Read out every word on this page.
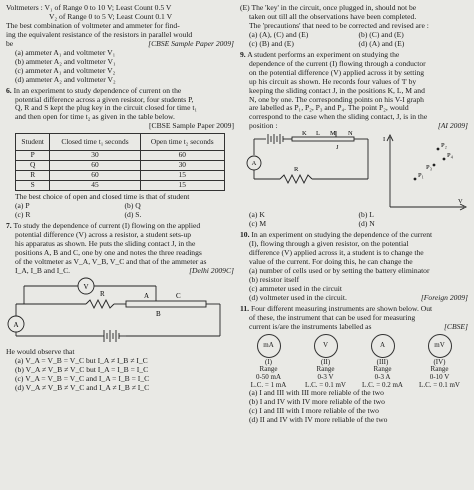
Voltmeters : V₁ of Range 0 to 10 V; Least Count 0.5 V

V₂ of Range 0 to 5 V; Least Count 0.1 V

The best combination of voltmeter and ammeter for find-

ing the equivalent resistance of the resistors in parallel would

be	[CBSE Sample Paper 2009]

(a) ammeter A₁ and voltmeter V₁

(b) ammeter A₂ and voltmeter V₁

(c) ammeter A₁ and voltmeter V₂

(d) ammeter A₂ and voltmeter V₂

6. In an experiment to study dependence of current on the

potential difference across a given resistor, four students P,

Q, R and S kept the plug key in the circuit closed for time t₁

and then open for time t₂ as given in the table below.

[CBSE Sample Paper 2009]

Student	Closed time t₁ seconds	Open time t₂ seconds
P	30	60
Q	60	30
R	60	15
S	45	15

The best choice of open and closed time is that of student

(a) P	(b) Q
(c) R	(d) S.

7. To study the dependence of current (I) flowing on the applied

potential difference (V) across a resistor, a student sets-up

his apparatus as shown. He puts the sliding contact J, in the

positions A, B and C, one by one and notes the three readings

of the voltmeter as V_A, V_B, V_C and that of the ammeter as

I_A, I_B and I_C.	[Delhi 2009C]

V
A
R	A
B
C

He would observe that

(a) V_A = V_B = V_C but I_A ≠ I_B ≠ I_C

(b) V_A ≠ V_B ≠ V_C but I_A = I_B = I_C

(c) V_A = V_B = V_C and I_A = I_B = I_C

(d) V_A ≠ V_B ≠ V_C and I_A ≠ I_B ≠ I_C

(E) The 'key' in the circuit, once plugged in, should not be

taken out till all the observations have been completed.

The 'precautions' that need to be corrected and revised are :

(a) (A), (C) and (E)	(b) (C) and (E)
(c) (B) and (E)	(d) (A) and (E)

9. A student performs an experiment on studying the

dependence of the current (I) flowing through a conductor

on the potential difference (V) applied across it by setting

up his circuit as shown. He records four values of 'I' by

keeping the sliding contact J, in the positions K, L, M and

N, one by one. The corresponding points on his V-I graph

are labelled as P₁, P₂, P₃ and P₄. The point P₂, would

correspond to the case when the sliding contact, J, is in the

position :	[AI 2009]

K L M N
J
A
R
P₁
P₂
P₃
P₄
I
V
(a) K	(b) L
(c) M	(d) N

10. In an experiment on studying the dependence of the current

(I), flowing through a given resistor, on the potential

difference (V) applied across it, a student is to change the

value of the current. For doing this, he can change the

(a) number of cells used or by setting the battery eliminator

(b) resistor itself

(c) ammeter used in the circuit

(d) voltmeter used in the circuit.	[Foreign 2009]

11. Four different measuring instruments are shown below. Out

of these, the instrument that can be used for measuring

current is/are the instruments labelled as	[CBSE]

mA
(I)
Range
0-50 mA
L.C. = 1 mA
V
(II)
Range
0-3 V
L.C. = 0.1 mV
A
(III)
Range
0-3 A
L.C. = 0.2 mA
mV
(IV)
Range
0-10 V
L.C. = 0.1 mV

(a) I and III with III more reliable of the two

(b) I and IV with IV more reliable of the two

(c) I and III with I more reliable of the two

(d) II and IV with IV more reliable of the two
